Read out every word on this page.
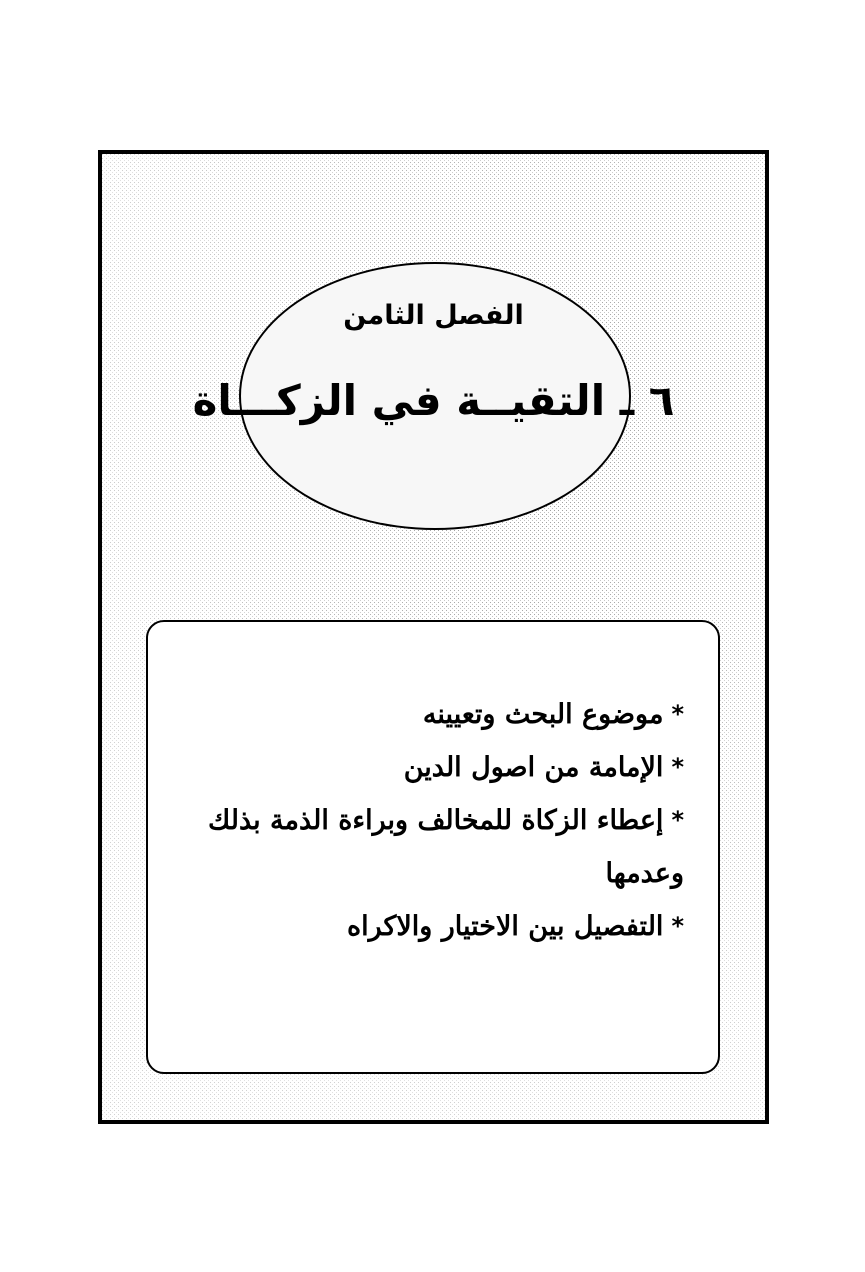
الفصل الثامن
٦ ـ التقيــة في الزكـــاة
*موضوع البحث وتعيينه
*الإمامة من اصول الدين
*إعطاء الزكاة للمخالف وبراءة الذمة بذلك وعدمها
*التفصيل بين الاختيار والاكراه
